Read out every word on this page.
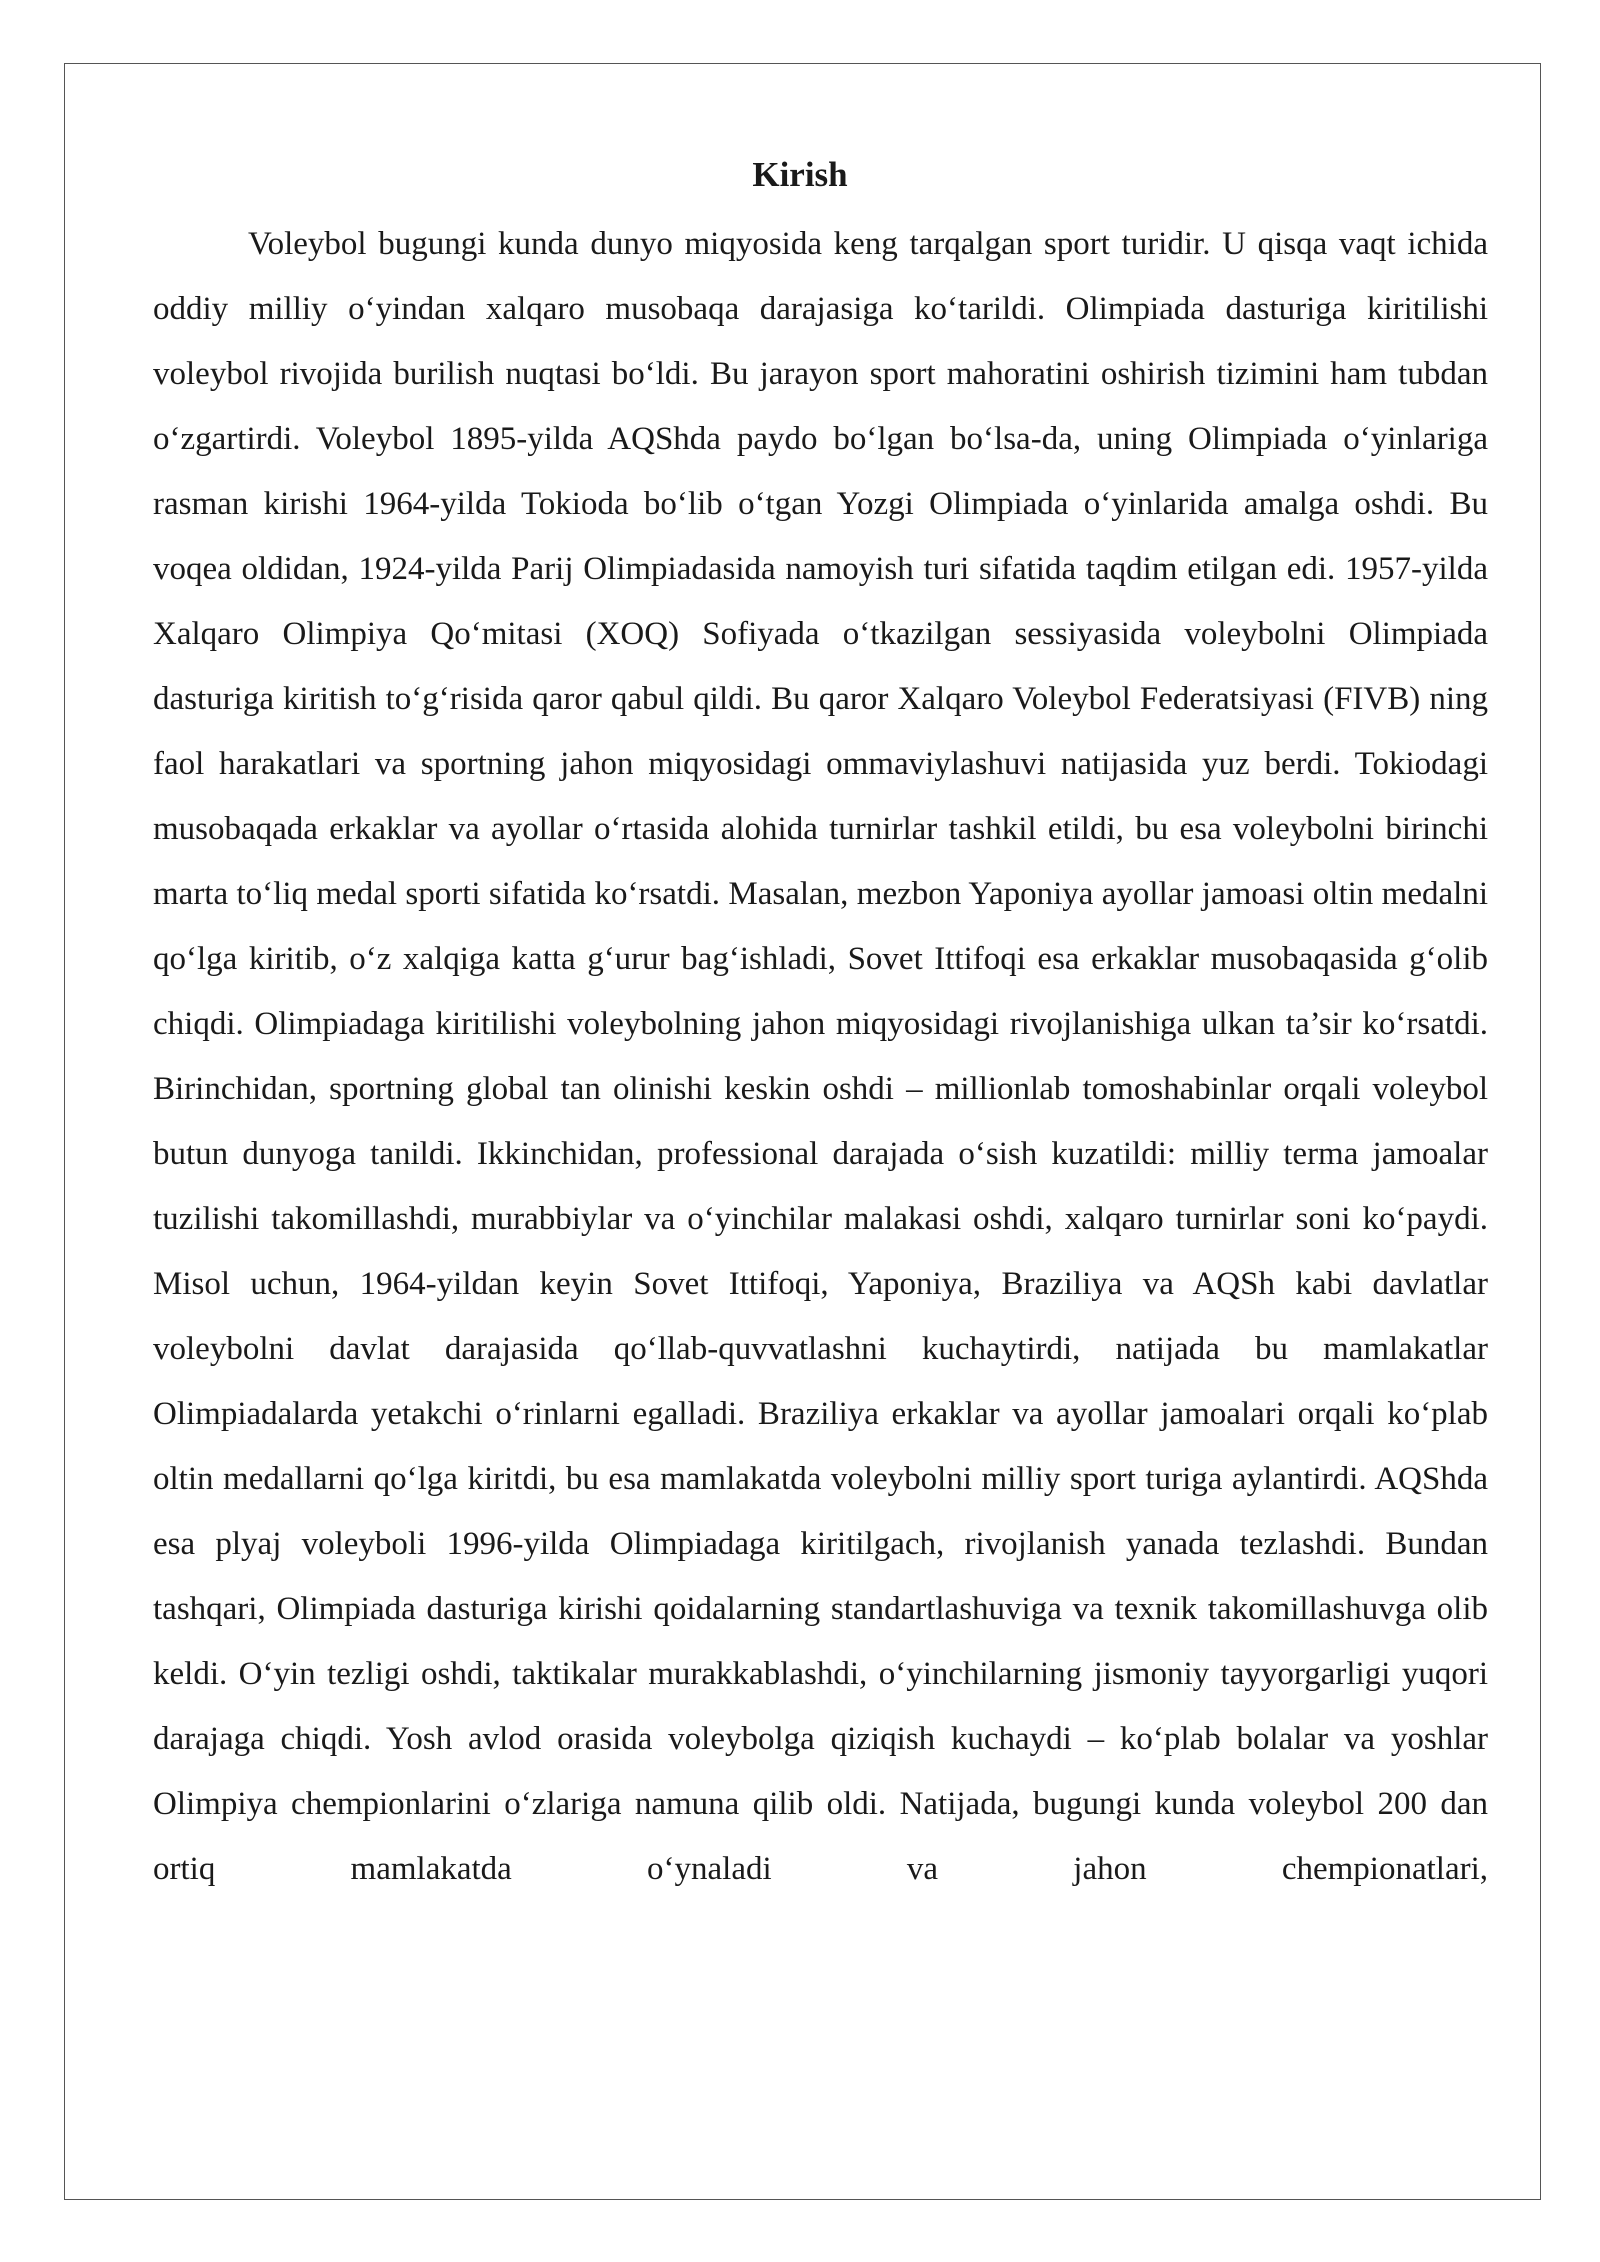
Kirish

Voleybol bugungi kunda dunyo miqyosida keng tarqalgan sport turidir. U qisqa vaqt ichida oddiy milliy o‘yindan xalqaro musobaqa darajasiga ko‘tarildi. Olimpiada dasturiga kiritilishi voleybol rivojida burilish nuqtasi bo‘ldi. Bu jarayon sport mahoratini oshirish tizimini ham tubdan o‘zgartirdi. Voleybol 1895-yilda AQShda paydo bo‘lgan bo‘lsa-da, uning Olimpiada o‘yinlariga rasman kirishi 1964-yilda Tokioda bo‘lib o‘tgan Yozgi Olimpiada o‘yinlarida amalga oshdi. Bu voqea oldidan, 1924-yilda Parij Olimpiadasida namoyish turi sifatida taqdim etilgan edi. 1957-yilda Xalqaro Olimpiya Qo‘mitasi (XOQ) Sofiyada o‘tkazilgan sessiyasida voleybolni Olimpiada dasturiga kiritish to‘g‘risida qaror qabul qildi. Bu qaror Xalqaro Voleybol Federatsiyasi (FIVB) ning faol harakatlari va sportning jahon miqyosidagi ommaviylashuvi natijasida yuz berdi. Tokiodagi musobaqada erkaklar va ayollar o‘rtasida alohida turnirlar tashkil etildi, bu esa voleybolni birinchi marta to‘liq medal sporti sifatida ko‘rsatdi. Masalan, mezbon Yaponiya ayollar jamoasi oltin medalni qo‘lga kiritib, o‘z xalqiga katta g‘urur bag‘ishladi, Sovet Ittifoqi esa erkaklar musobaqasida g‘olib chiqdi. Olimpiadaga kiritilishi voleybolning jahon miqyosidagi rivojlanishiga ulkan ta’sir ko‘rsatdi. Birinchidan, sportning global tan olinishi keskin oshdi – millionlab tomoshabinlar orqali voleybol butun dunyoga tanildi. Ikkinchidan, professional darajada o‘sish kuzatildi: milliy terma jamoalar tuzilishi takomillashdi, murabbiylar va o‘yinchilar malakasi oshdi, xalqaro turnirlar soni ko‘paydi. Misol uchun, 1964-yildan keyin Sovet Ittifoqi, Yaponiya, Braziliya va AQSh kabi davlatlar voleybolni davlat darajasida qo‘llab-quvvatlashni kuchaytirdi, natijada bu mamlakatlar Olimpiadalarda yetakchi o‘rinlarni egalladi. Braziliya erkaklar va ayollar jamoalari orqali ko‘plab oltin medallarni qo‘lga kiritdi, bu esa mamlakatda voleybolni milliy sport turiga aylantirdi. AQShda esa plyaj voleyboli 1996-yilda Olimpiadaga kiritilgach, rivojlanish yanada tezlashdi. Bundan tashqari, Olimpiada dasturiga kirishi qoidalarning standartlashuviga va texnik takomillashuvga olib keldi. O‘yin tezligi oshdi, taktikalar murakkablashdi, o‘yinchilarning jismoniy tayyorgarligi yuqori darajaga chiqdi. Yosh avlod orasida voleybolga qiziqish kuchaydi – ko‘plab bolalar va yoshlar Olimpiya chempionlarini o‘zlariga namuna qilib oldi. Natijada, bugungi kunda voleybol 200 dan ortiq mamlakatda o‘ynaladi va jahon chempionatlari,
